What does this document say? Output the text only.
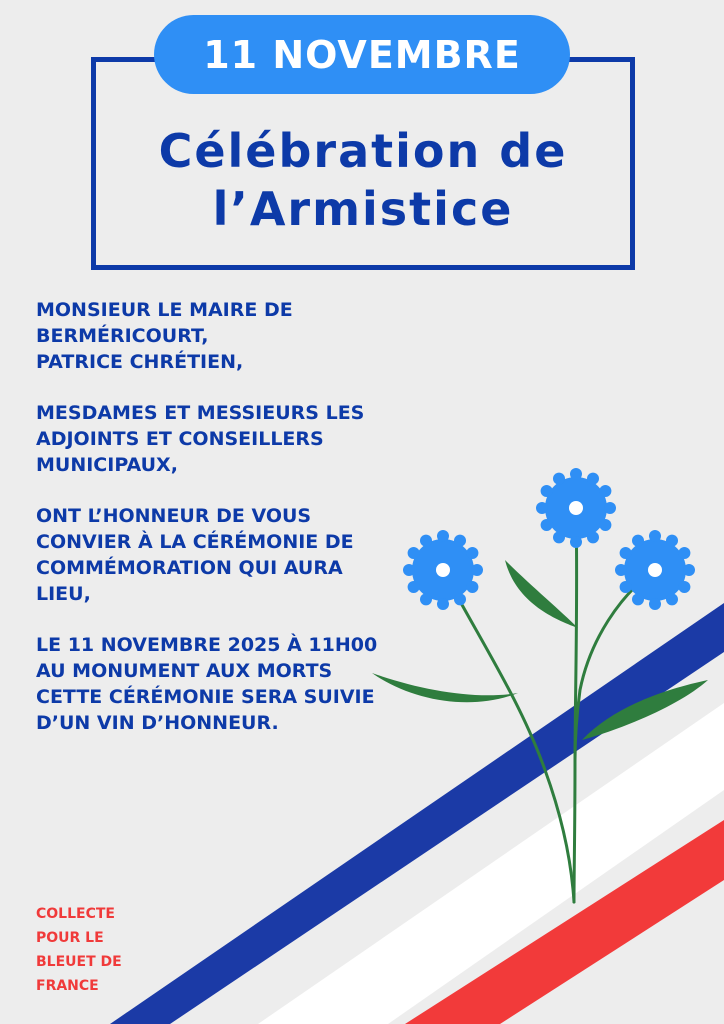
11 NOVEMBRE
Célébration de
l’Armistice

MONSIEUR LE MAIRE DE
BERMÉRICOURT,
PATRICE CHRÉTIEN,

MESDAMES ET MESSIEURS LES
ADJOINTS ET CONSEILLERS
MUNICIPAUX,

ONT L’HONNEUR DE VOUS
CONVIER À LA CÉRÉMONIE DE
COMMÉMORATION QUI AURA
LIEU,

LE 11 NOVEMBRE 2025 À 11H00
AU MONUMENT AUX MORTS
CETTE CÉRÉMONIE SERA SUIVIE
D’UN VIN D’HONNEUR.

COLLECTE
POUR LE
BLEUET DE
FRANCE
